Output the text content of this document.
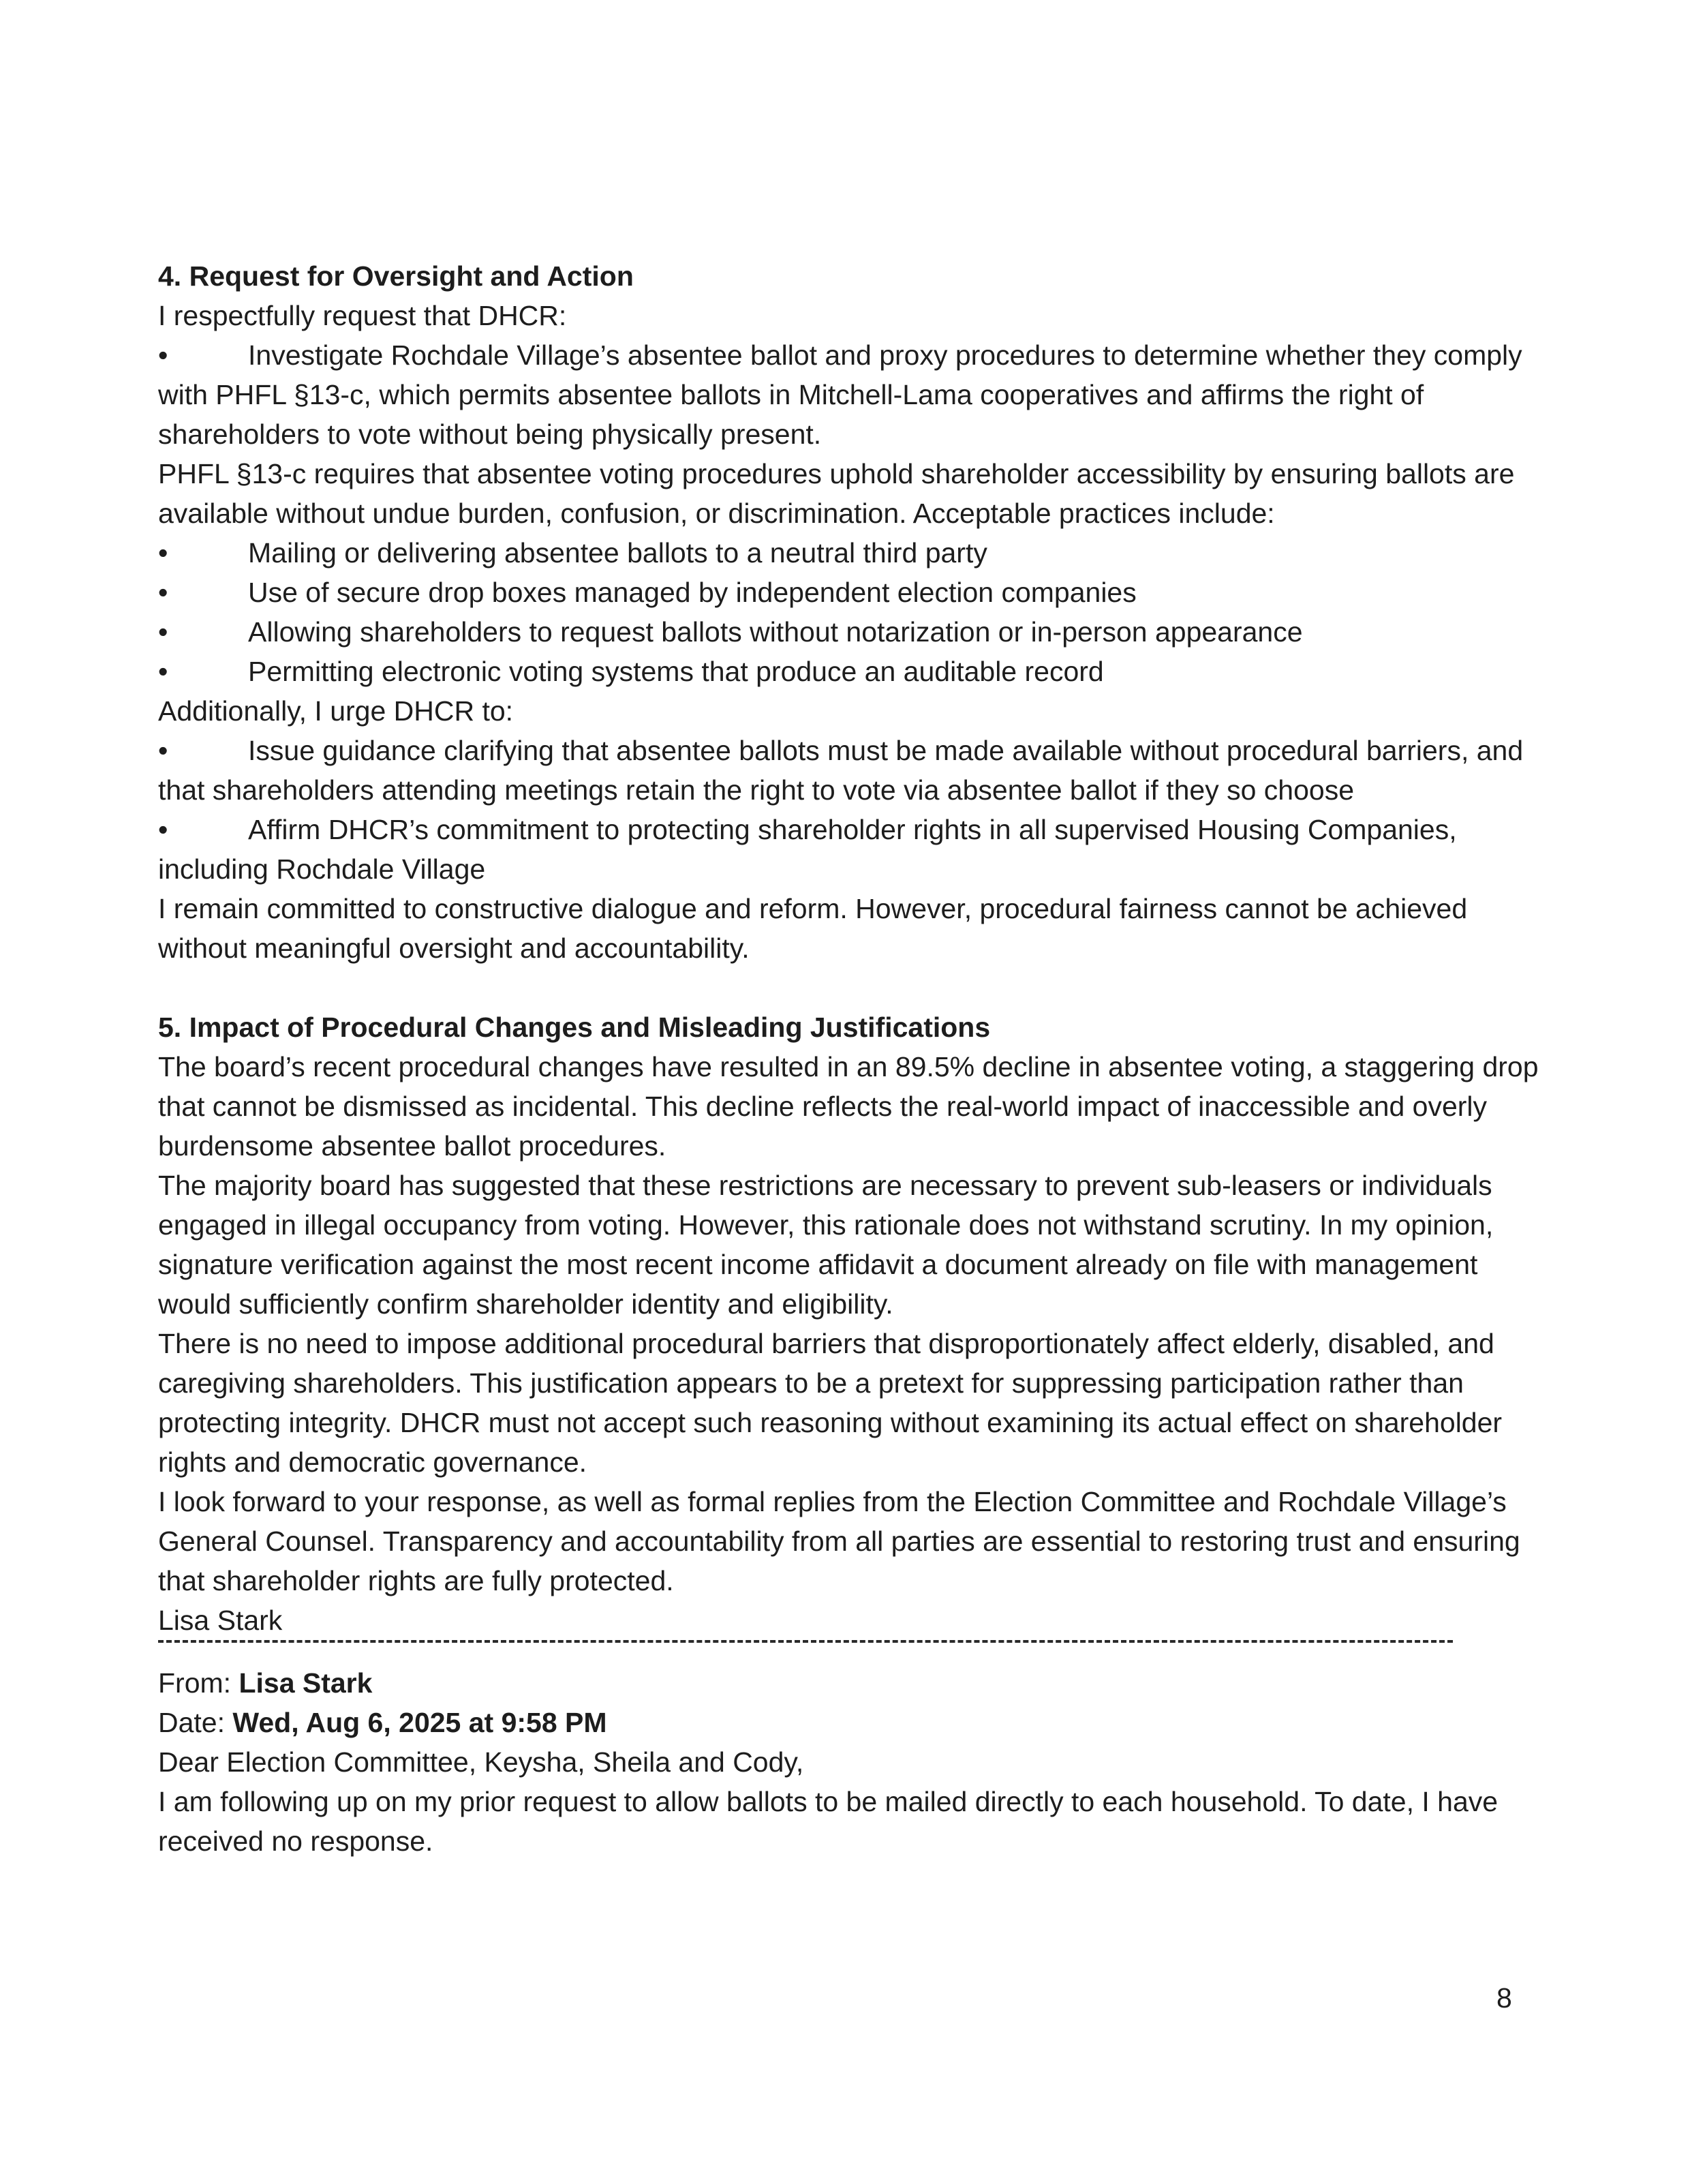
4. Request for Oversight and Action
I respectfully request that DHCR:
•	Investigate Rochdale Village’s absentee ballot and proxy procedures to determine whether they comply with PHFL §13-c, which permits absentee ballots in Mitchell-Lama cooperatives and affirms the right of shareholders to vote without being physically present.
PHFL §13-c requires that absentee voting procedures uphold shareholder accessibility by ensuring ballots are available without undue burden, confusion, or discrimination. Acceptable practices include:
•	Mailing or delivering absentee ballots to a neutral third party
•	Use of secure drop boxes managed by independent election companies
•	Allowing shareholders to request ballots without notarization or in-person appearance
•	Permitting electronic voting systems that produce an auditable record
Additionally, I urge DHCR to:
•	Issue guidance clarifying that absentee ballots must be made available without procedural barriers, and that shareholders attending meetings retain the right to vote via absentee ballot if they so choose
•	Affirm DHCR’s commitment to protecting shareholder rights in all supervised Housing Companies, including Rochdale Village
I remain committed to constructive dialogue and reform. However, procedural fairness cannot be achieved without meaningful oversight and accountability.
5. Impact of Procedural Changes and Misleading Justifications
The board’s recent procedural changes have resulted in an 89.5% decline in absentee voting, a staggering drop that cannot be dismissed as incidental. This decline reflects the real-world impact of inaccessible and overly burdensome absentee ballot procedures.
The majority board has suggested that these restrictions are necessary to prevent sub-leasers or individuals engaged in illegal occupancy from voting. However, this rationale does not withstand scrutiny. In my opinion, signature verification against the most recent income affidavit a document already on file with management would sufficiently confirm shareholder identity and eligibility.
There is no need to impose additional procedural barriers that disproportionately affect elderly, disabled, and caregiving shareholders. This justification appears to be a pretext for suppressing participation rather than protecting integrity. DHCR must not accept such reasoning without examining its actual effect on shareholder rights and democratic governance.
I look forward to your response, as well as formal replies from the Election Committee and Rochdale Village’s General Counsel. Transparency and accountability from all parties are essential to restoring trust and ensuring that shareholder rights are fully protected.
Lisa Stark
From: Lisa Stark
Date: Wed, Aug 6, 2025 at 9:58 PM
Dear Election Committee, Keysha, Sheila and Cody,
I am following up on my prior request to allow ballots to be mailed directly to each household. To date, I have received no response.
8
